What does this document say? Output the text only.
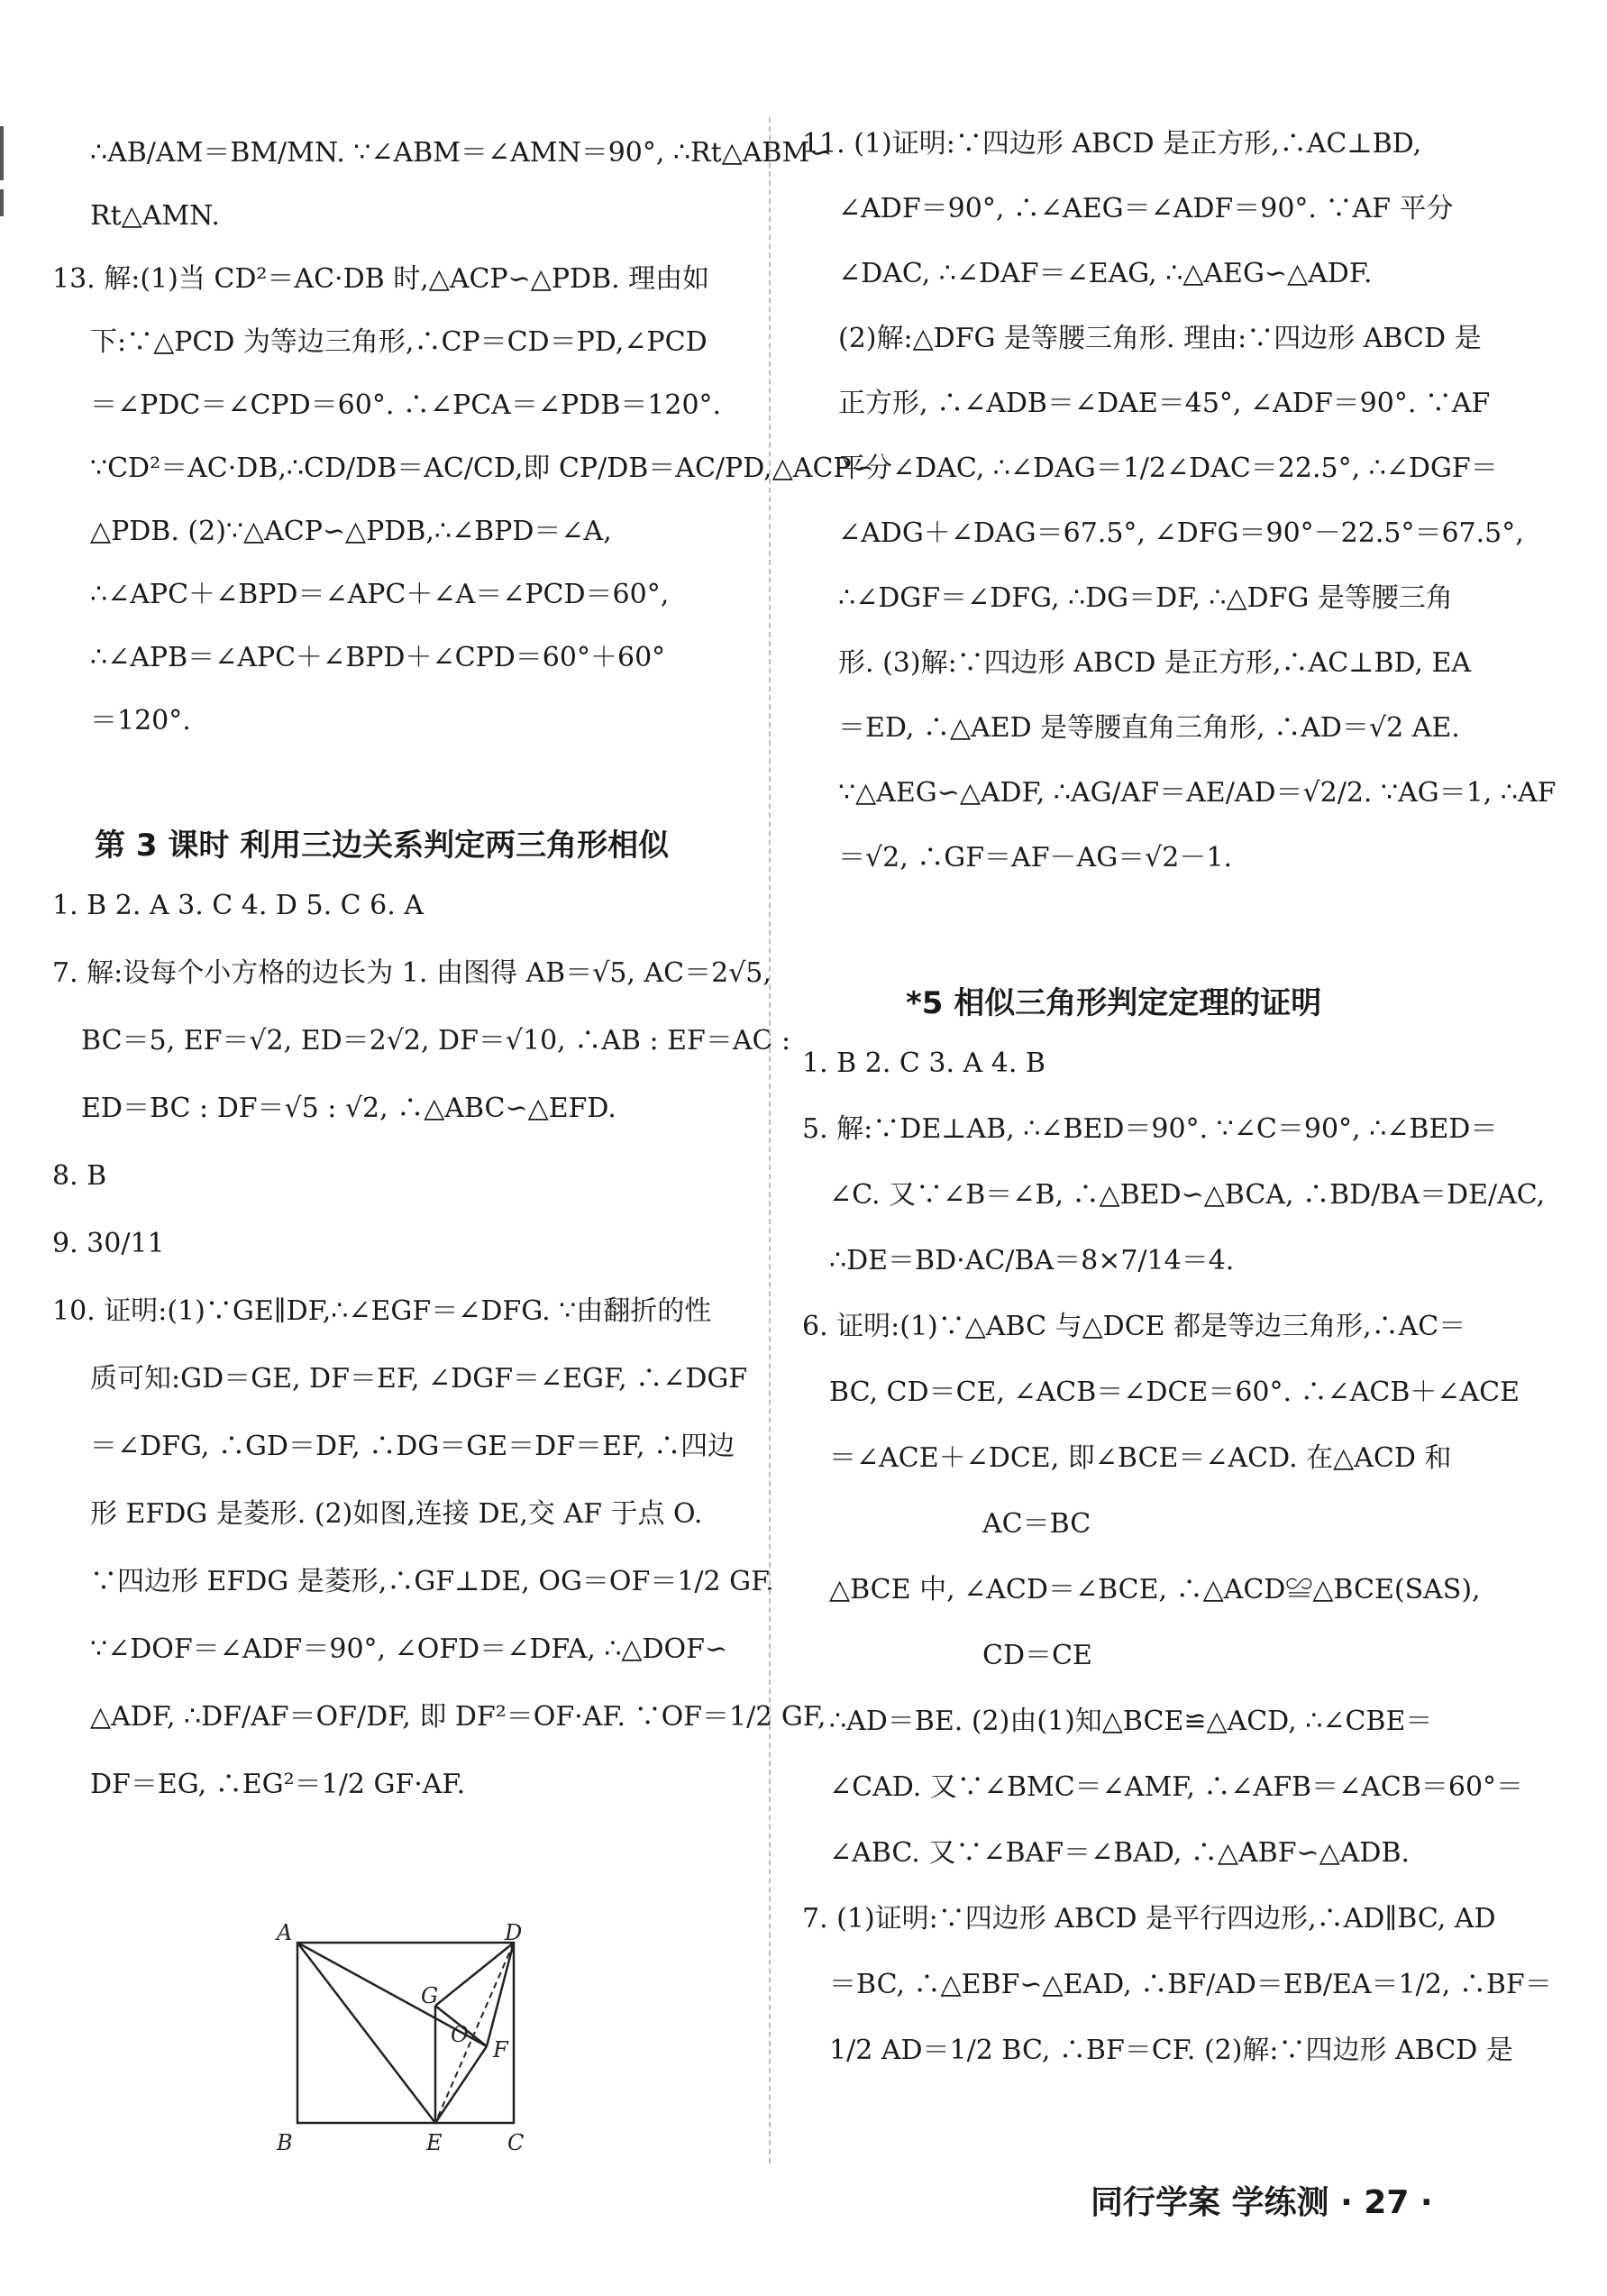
∴AB/AM＝BM/MN. ∵∠ABM＝∠AMN＝90°, ∴Rt△ABM∽
Rt△AMN.
13. 解:(1)当 CD²＝AC·DB 时,△ACP∽△PDB. 理由如
下:∵△PCD 为等边三角形,∴CP＝CD＝PD,∠PCD
＝∠PDC＝∠CPD＝60°. ∴∠PCA＝∠PDB＝120°.
∵CD²＝AC·DB,∴CD/DB＝AC/CD,即 CP/DB＝AC/PD,△ACP∽
△PDB. (2)∵△ACP∽△PDB,∴∠BPD＝∠A,
∴∠APC＋∠BPD＝∠APC＋∠A＝∠PCD＝60°,
∴∠APB＝∠APC＋∠BPD＋∠CPD＝60°＋60°
＝120°.
第 3 课时 利用三边关系判定两三角形相似
1. B 2. A 3. C 4. D 5. C 6. A
7. 解:设每个小方格的边长为 1. 由图得 AB＝√5, AC＝2√5,
BC＝5, EF＝√2, ED＝2√2, DF＝√10, ∴AB : EF＝AC :
ED＝BC : DF＝√5 : √2, ∴△ABC∽△EFD.
8. B
9. 30/11
10. 证明:(1)∵GE∥DF,∴∠EGF＝∠DFG. ∵由翻折的性
质可知:GD＝GE, DF＝EF, ∠DGF＝∠EGF, ∴∠DGF
＝∠DFG, ∴GD＝DF, ∴DG＝GE＝DF＝EF, ∴四边
形 EFDG 是菱形. (2)如图,连接 DE,交 AF 于点 O.
∵四边形 EFDG 是菱形,∴GF⊥DE, OG＝OF＝1/2 GF.
∵∠DOF＝∠ADF＝90°, ∠OFD＝∠DFA, ∴△DOF∽
△ADF, ∴DF/AF＝OF/DF, 即 DF²＝OF·AF. ∵OF＝1/2 GF,
DF＝EG, ∴EG²＝1/2 GF·AF.
11. (1)证明:∵四边形 ABCD 是正方形,∴AC⊥BD,
∠ADF＝90°, ∴∠AEG＝∠ADF＝90°. ∵AF 平分
∠DAC, ∴∠DAF＝∠EAG, ∴△AEG∽△ADF.
(2)解:△DFG 是等腰三角形. 理由:∵四边形 ABCD 是
正方形, ∴∠ADB＝∠DAE＝45°, ∠ADF＝90°. ∵AF
平分∠DAC, ∴∠DAG＝1/2∠DAC＝22.5°, ∴∠DGF＝
∠ADG＋∠DAG＝67.5°, ∠DFG＝90°－22.5°＝67.5°,
∴∠DGF＝∠DFG, ∴DG＝DF, ∴△DFG 是等腰三角
形. (3)解:∵四边形 ABCD 是正方形,∴AC⊥BD, EA
＝ED, ∴△AED 是等腰直角三角形, ∴AD＝√2 AE.
∵△AEG∽△ADF, ∴AG/AF＝AE/AD＝√2/2. ∵AG＝1, ∴AF
＝√2, ∴GF＝AF－AG＝√2－1.
*5 相似三角形判定定理的证明
1. B 2. C 3. A 4. B
5. 解:∵DE⊥AB, ∴∠BED＝90°. ∵∠C＝90°, ∴∠BED＝
∠C. 又∵∠B＝∠B, ∴△BED∽△BCA, ∴BD/BA＝DE/AC,
∴DE＝BD·AC/BA＝8×7/14＝4.
6. 证明:(1)∵△ABC 与△DCE 都是等边三角形,∴AC＝
BC, CD＝CE, ∠ACB＝∠DCE＝60°. ∴∠ACB＋∠ACE
＝∠ACE＋∠DCE, 即∠BCE＝∠ACD. 在△ACD 和
AC＝BC
△BCE 中, ∠ACD＝∠BCE, ∴△ACD≌△BCE(SAS),
CD＝CE
∴AD＝BE. (2)由(1)知△BCE≌△ACD, ∴∠CBE＝
∠CAD. 又∵∠BMC＝∠AMF, ∴∠AFB＝∠ACB＝60°＝
∠ABC. 又∵∠BAF＝∠BAD, ∴△ABF∽△ADB.
7. (1)证明:∵四边形 ABCD 是平行四边形,∴AD∥BC, AD
＝BC, ∴△EBF∽△EAD, ∴BF/AD＝EB/EA＝1/2, ∴BF＝
1/2 AD＝1/2 BC, ∴BF＝CF. (2)解:∵四边形 ABCD 是
A	D
G
O
F
B	E	C
同行学案 学练测 · 27 ·
